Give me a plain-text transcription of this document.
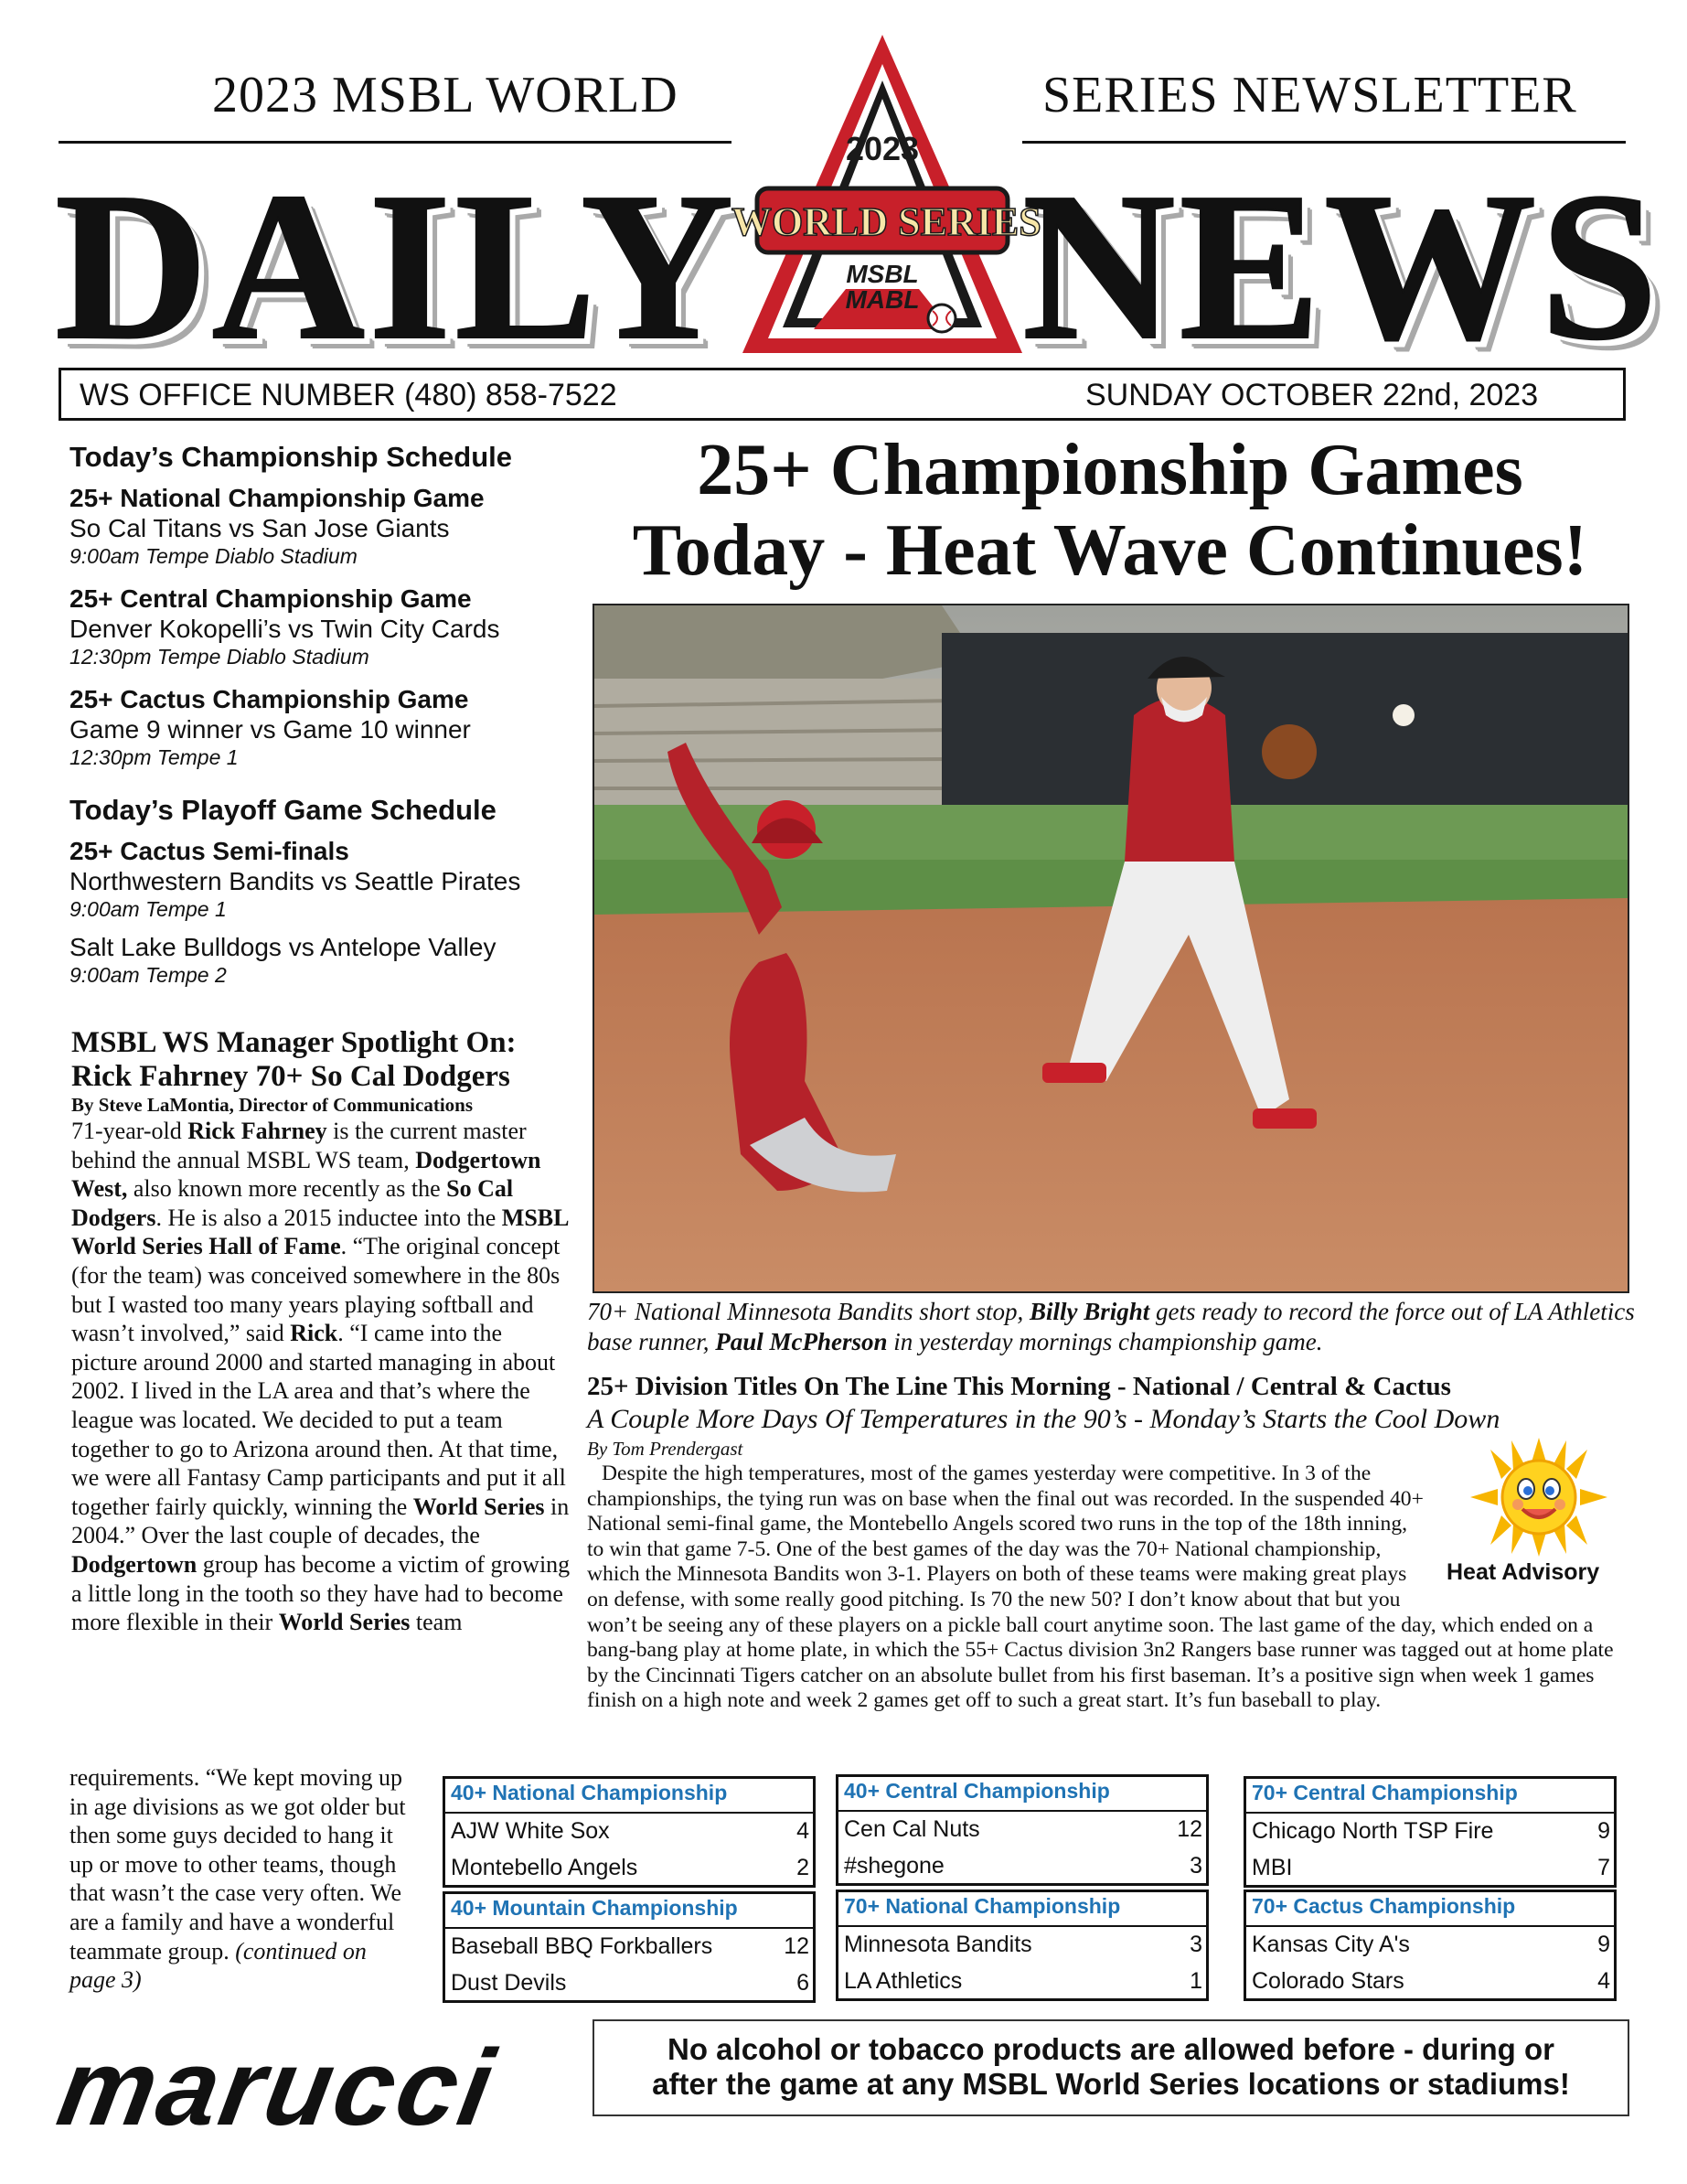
2023 MSBL WORLD	SERIES NEWSLETTER
DAILY NEWS
2023
WORLD SERIES
MSBL
MABL
WS OFFICE NUMBER (480) 858-7522	SUNDAY OCTOBER 22nd, 2023
Today’s Championship Schedule
25+ National Championship Game
So Cal Titans vs San Jose Giants
9:00am Tempe Diablo Stadium
25+ Central Championship Game
Denver Kokopelli’s vs Twin City Cards
12:30pm Tempe Diablo Stadium
25+ Cactus Championship Game
Game 9 winner vs Game 10 winner
12:30pm Tempe 1
Today’s Playoff Game Schedule
25+ Cactus Semi-finals
Northwestern Bandits vs Seattle Pirates
9:00am Tempe 1
Salt Lake Bulldogs vs Antelope Valley
9:00am Tempe 2
MSBL WS Manager Spotlight On:
Rick Fahrney 70+ So Cal Dodgers
By Steve LaMontia, Director of Communications
71-year-old Rick Fahrney is the current master behind the annual MSBL WS team, Dodgertown West, also known more recently as the So Cal Dodgers. He is also a 2015 inductee into the MSBL World Series Hall of Fame. “The original concept (for the team) was conceived somewhere in the 80s but I wasted too many years playing softball and wasn’t involved,” said Rick. “I came into the picture around 2000 and started managing in about 2002. I lived in the LA area and that’s where the league was located. We decided to put a team together to go to Arizona around then. At that time, we were all Fantasy Camp participants and put it all together fairly quickly, winning the World Series in 2004.” Over the last couple of decades, the Dodgertown group has become a victim of growing a little long in the tooth so they have had to become more flexible in their World Series team
requirements. “We kept moving up in age divisions as we got older but then some guys decided to hang it up or move to other teams, though that wasn’t the case very often. We are a family and have a wonderful teammate group. (continued on page 3)
25+ Championship Games
Today - Heat Wave Continues!
70+ National Minnesota Bandits short stop, Billy Bright gets ready to record the force out of LA Athletics base runner, Paul McPherson in yesterday mornings championship game.
25+ Division Titles On The Line This Morning - National / Central & Cactus
A Couple More Days Of Temperatures in the 90’s - Monday’s Starts the Cool Down
By Tom Prendergast
Heat Advisory
Despite the high temperatures, most of the games yesterday were competitive. In 3 of the championships, the tying run was on base when the final out was recorded. In the suspended 40+ National semi-final game, the Montebello Angels scored two runs in the top of the 18th inning, to win that game 7-5. One of the best games of the day was the 70+ National championship, which the Minnesota Bandits won 3-1. Players on both of these teams were making great plays on defense, with some really good pitching. Is 70 the new 50? I don’t know about that but you won’t be seeing any of these players on a pickle ball court anytime soon. The last game of the day, which ended on a bang-bang play at home plate, in which the 55+ Cactus division 3n2 Rangers base runner was tagged out at home plate by the Cincinnati Tigers catcher on an absolute bullet from his first baseman. It’s a positive sign when week 1 games finish on a high note and week 2 games get off to such a great start. It’s fun baseball to play.
40+ National Championship
AJW White Sox	4
Montebello Angels	2
40+ Central Championship
Cen Cal Nuts	12
#shegone	3
70+ Central Championship
Chicago North TSP Fire	9
MBI	7
40+ Mountain Championship
Baseball BBQ Forkballers	12
Dust Devils	6
70+ National Championship
Minnesota Bandits	3
LA Athletics	1
70+ Cactus Championship
Kansas City A's	9
Colorado Stars	4
marucci	No alcohol or tobacco products are allowed before - during or
after the game at any MSBL World Series locations or stadiums!
